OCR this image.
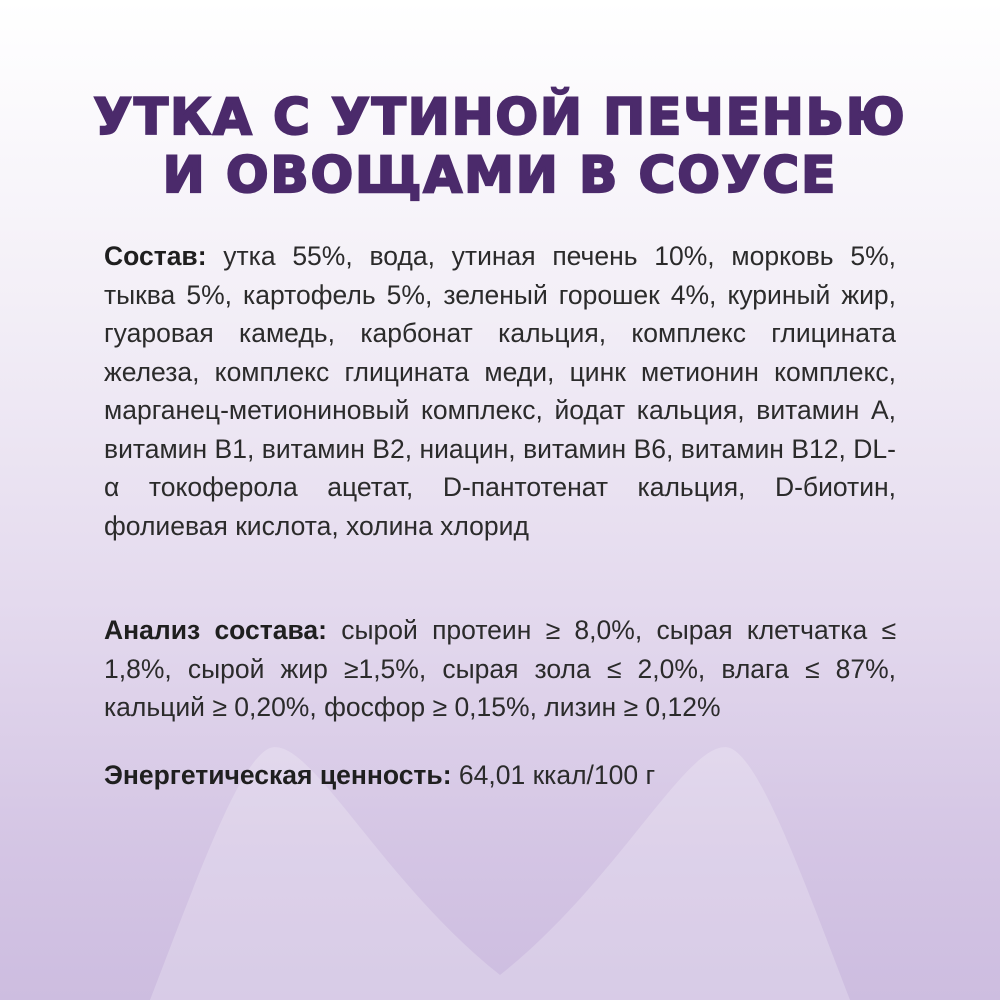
УТКА С УТИНОЙ ПЕЧЕНЬЮ
И ОВОЩАМИ В СОУСЕ

Состав: утка 55%, вода, утиная печень 10%, морковь 5%, тыква 5%, картофель 5%, зеленый горошек 4%, куриный жир, гуаровая камедь, карбонат кальция, комплекс глицината железа, комплекс глицината меди, цинк метионин комплекс, марганец-метиониновый комплекс, йодат кальция, витамин А, витамин В1, витамин В2, ниацин, витамин В6, витамин В12, DL-α токоферола ацетат, D-пантотенат кальция, D-биотин, фолиевая кислота, холина хлорид

Анализ состава: сырой протеин ≥ 8,0%, сырая клетчатка ≤ 1,8%, сырой жир ≥1,5%, сырая зола ≤ 2,0%, влага ≤ 87%, кальций ≥ 0,20%, фосфор ≥ 0,15%, лизин ≥ 0,12%

Энергетическая ценность: 64,01 ккал/100 г
